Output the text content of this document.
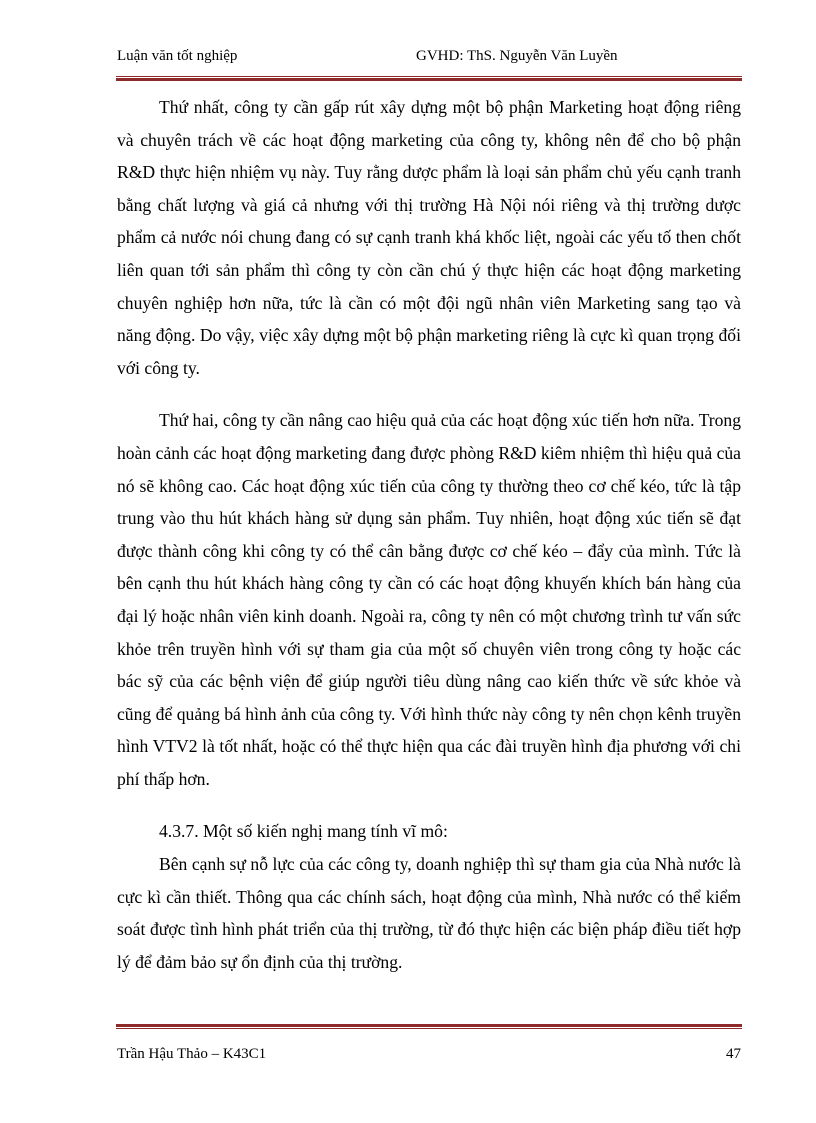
Luận văn tốt nghiệp	GVHD: ThS. Nguyễn Văn Luyền

Thứ nhất, công ty cần gấp rút xây dựng một bộ phận Marketing hoạt động riêng và chuyên trách về các hoạt động marketing của công ty, không nên để cho bộ phận R&D thực hiện nhiệm vụ này. Tuy rằng dược phẩm là loại sản phẩm chủ yếu cạnh tranh bằng chất lượng và giá cả nhưng với thị trường Hà Nội nói riêng và thị trường dược phẩm cả nước nói chung đang có sự cạnh tranh khá khốc liệt, ngoài các yếu tố then chốt liên quan tới sản phẩm thì công ty còn cần chú ý thực hiện các hoạt động marketing chuyên nghiệp hơn nữa, tức là cần có một đội ngũ nhân viên Marketing sang tạo và năng động. Do vậy, việc xây dựng một bộ phận marketing riêng là cực kì quan trọng đối với công ty.

Thứ hai, công ty cần nâng cao hiệu quả của các hoạt động xúc tiến hơn nữa. Trong hoàn cảnh các hoạt động marketing đang được phòng R&D kiêm nhiệm thì hiệu quả của nó sẽ không cao. Các hoạt động xúc tiến của công ty thường theo cơ chế kéo, tức là tập trung vào thu hút khách hàng sử dụng sản phẩm. Tuy nhiên, hoạt động xúc tiến sẽ đạt được thành công khi công ty có thể cân bằng được cơ chế kéo – đẩy của mình. Tức là bên cạnh thu hút khách hàng công ty cần có các hoạt động khuyến khích bán hàng của đại lý hoặc nhân viên kinh doanh. Ngoài ra, công ty nên có một chương trình tư vấn sức khỏe trên truyền hình với sự tham gia của một số chuyên viên trong công ty hoặc các bác sỹ của các bệnh viện để giúp người tiêu dùng nâng cao kiến thức về sức khỏe và cũng để quảng bá hình ảnh của công ty. Với hình thức này công ty nên chọn kênh truyền hình VTV2 là tốt nhất, hoặc có thể thực hiện qua các đài truyền hình địa phương với chi phí thấp hơn.

4.3.7. Một số kiến nghị mang tính vĩ mô:

Bên cạnh sự nỗ lực của các công ty, doanh nghiệp thì sự tham gia của Nhà nước là cực kì cần thiết. Thông qua các chính sách, hoạt động của mình, Nhà nước có thể kiểm soát được tình hình phát triển của thị trường, từ đó thực hiện các biện pháp điều tiết hợp lý để đảm bảo sự ổn định của thị trường.

Trần Hậu Thảo – K43C1	47
